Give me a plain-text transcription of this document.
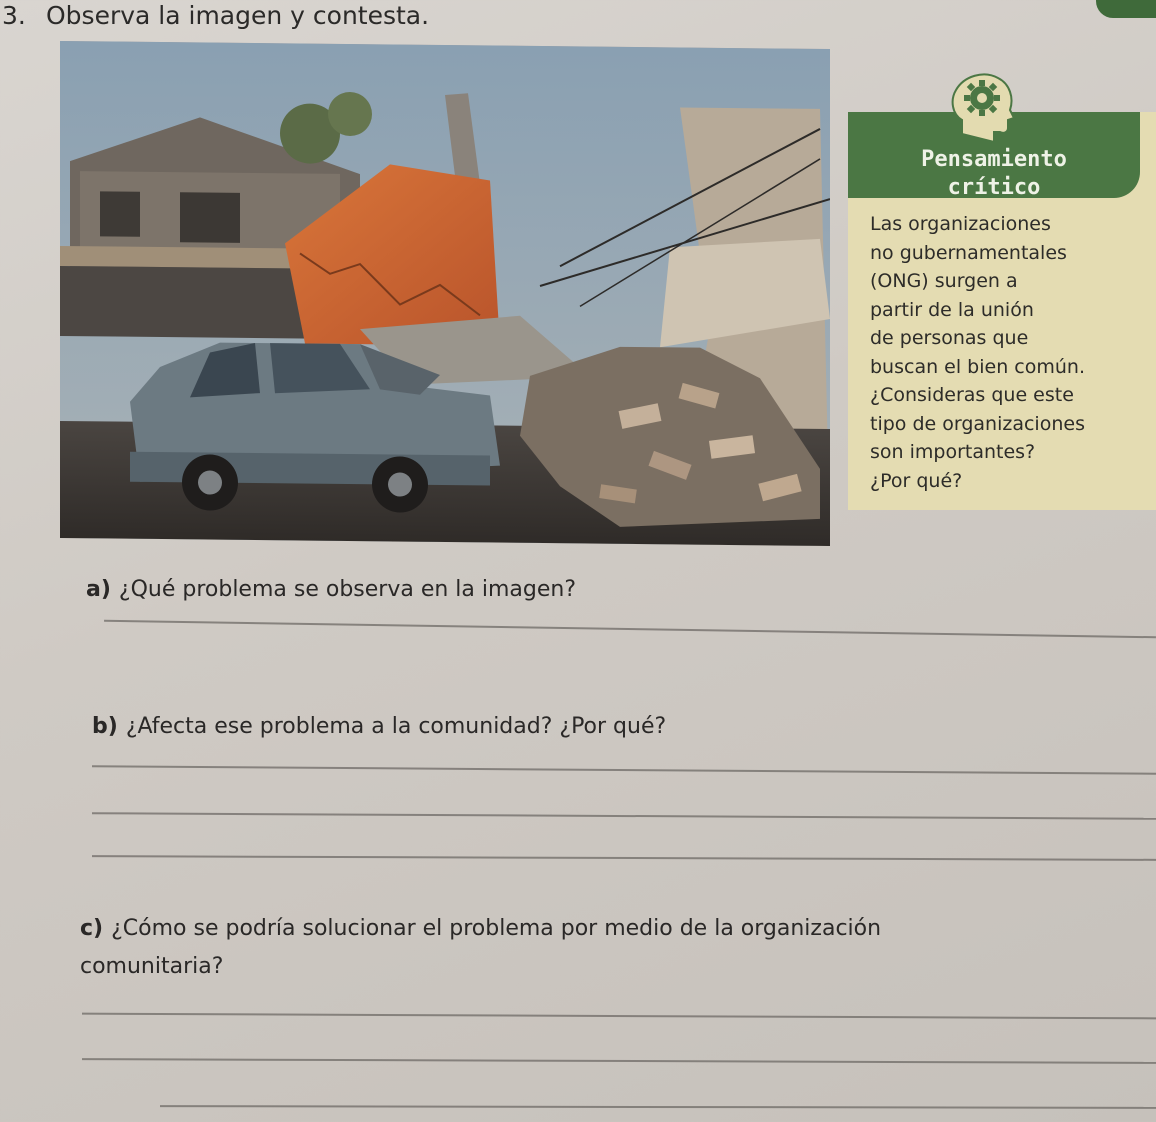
3. Observa la imagen y contesta.
Pensamiento
crítico
Las organizaciones
no gubernamentales
(ONG) surgen a
partir de la unión
de personas que
buscan el bien común.
¿Consideras que este
tipo de organizaciones
son importantes?
¿Por qué?
a) ¿Qué problema se observa en la imagen?
b) ¿Afecta ese problema a la comunidad? ¿Por qué?
c) ¿Cómo se podría solucionar el problema por medio de la organización
comunitaria?
